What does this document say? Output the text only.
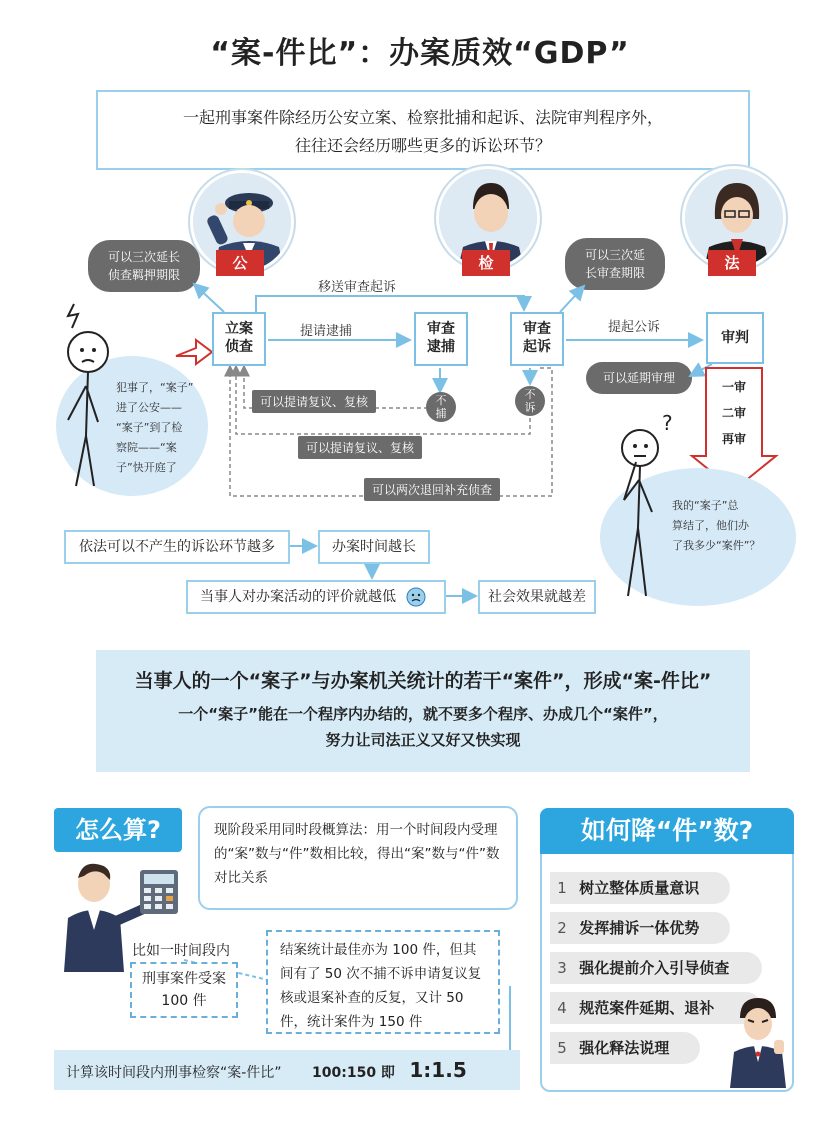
“案-件比”：办案质效“GDP”
一起刑事案件除经历公安立案、检察批捕和起诉、法院审判程序外，
往往还会经历哪些更多的诉讼环节？
公	检	法
可以三次延长
侦查羁押期限
可以三次延
长审查期限
可以延期审理
立案
侦查
审查
逮捕
审查
起诉
审判
移送审查起诉
提请逮捕	提起公诉
不
捕
不
诉
可以提请复议、复核
可以提请复议、复核
可以两次退回补充侦查
一审
二审
再审
犯事了，“案子”
进了公安——
“案子”到了检
察院——“案
子”快开庭了
我的“案子”总
算结了，他们办
了我多少“案件”？
?
依法可以不产生的诉讼环节越多	办案时间越长
当事人对办案活动的评价就越低	社会效果就越差
当事人的一个“案子”与办案机关统计的若干“案件”，形成“案-件比”
一个“案子”能在一个程序内办结的，就不要多个程序、办成几个“案件”，
努力让司法正义又好又快实现
怎么算?	现阶段采用同时段概算法：用一个时间段内受理的“案”数与“件”数相比较，得出“案”数与“件”数对比关系
比如一时间段内
刑事案件受案
100 件
结案统计最佳亦为 100 件，但其间有了 50 次不捕不诉申请复议复核或退案补查的反复，又计 50 件，统计案件为 150 件
计算该时间段内刑事检察“案-件比” 100:150 即 1:1.5
如何降“件”数?
1 树立整体质量意识
2 发挥捕诉一体优势
3 强化提前介入引导侦查
4 规范案件延期、退补
5 强化释法说理
